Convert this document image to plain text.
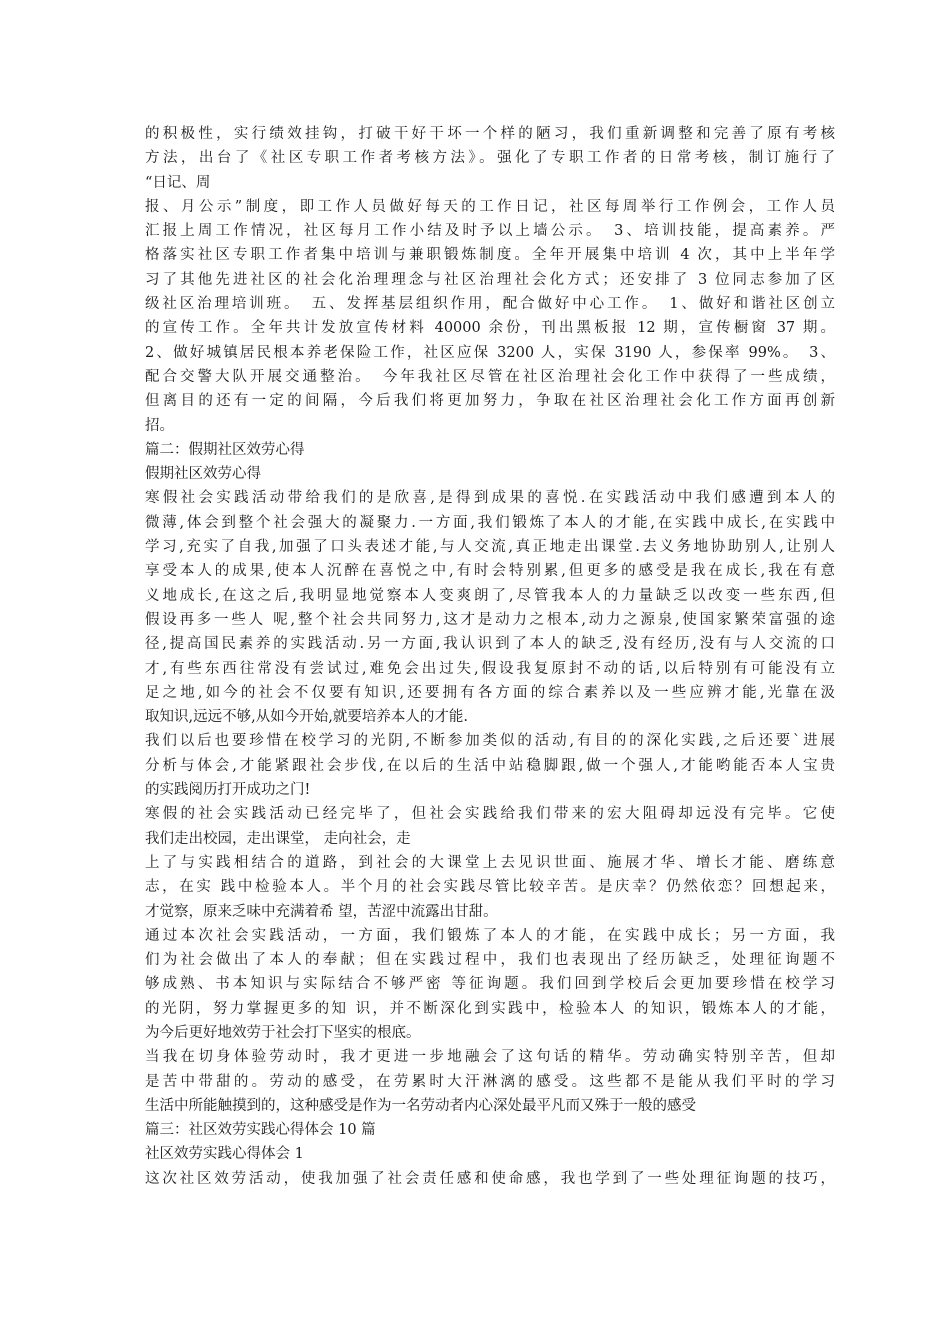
的积极性，实行绩效挂钩，打破干好干坏一个样的陋习，我们重新调整和完善了原有考核
方法，出台了《社区专职工作者考核方法》。强化了专职工作者的日常考核，制订施行了
“日记、周
报、月公示”制度，即工作人员做好每天的工作日记，社区每周举行工作例会，工作人员
汇报上周工作情况，社区每月工作小结及时予以上墙公示。　3、培训技能，提高素养。严
格落实社区专职工作者集中培训与兼职锻炼制度。全年开展集中培训 4 次，其中上半年学
习了其他先进社区的社会化治理理念与社区治理社会化方式；还安排了 3 位同志参加了区
级社区治理培训班。　五、发挥基层组织作用，配合做好中心工作。　1、做好和谐社区创立
的宣传工作。全年共计发放宣传材料 40000 余份，刊出黑板报 12 期，宣传橱窗 37 期。
2、做好城镇居民根本养老保险工作，社区应保 3200 人，实保 3190 人，参保率 99%。　3、
配合交警大队开展交通整治。　今年我社区尽管在社区治理社会化工作中获得了一些成绩，
但离目的还有一定的间隔，今后我们将更加努力，争取在社区治理社会化工作方面再创新
招。
篇二：假期社区效劳心得
假期社区效劳心得
寒假社会实践活动带给我们的是欣喜,是得到成果的喜悦.在实践活动中我们感遭到本人的
微薄,体会到整个社会强大的凝聚力.一方面,我们锻炼了本人的才能,在实践中成长,在实践中
学习,充实了自我,加强了口头表述才能,与人交流,真正地走出课堂.去义务地协助别人,让别人
享受本人的成果,使本人沉醉在喜悦之中,有时会特别累,但更多的感受是我在成长,我在有意
义地成长,在这之后,我明显地觉察本人变爽朗了,尽管我本人的力量缺乏以改变一些东西,但
假设再多一些人 呢,整个社会共同努力,这才是动力之根本,动力之源泉,使国家繁荣富强的途
径,提高国民素养的实践活动.另一方面,我认识到了本人的缺乏,没有经历,没有与人交流的口
才,有些东西往常没有尝试过,难免会出过失,假设我复原封不动的话,以后特别有可能没有立
足之地,如今的社会不仅要有知识,还要拥有各方面的综合素养以及一些应辨才能,光靠在汲
取知识,远远不够,从如今开始,就要培养本人的才能.
我们以后也要珍惜在校学习的光阴,不断参加类似的活动,有目的的深化实践,之后还要`进展
分析与体会,才能紧跟社会步伐,在以后的生活中站稳脚跟,做一个强人,才能哟能否本人宝贵
的实践阅历打开成功之门!
寒假的社会实践活动已经完毕了，但社会实践给我们带来的宏大阻碍却远没有完毕。它使
我们走出校园，走出课堂， 走向社会，走
上了与实践相结合的道路，到社会的大课堂上去见识世面、施展才华、增长才能、磨练意
志，在实 践中检验本人。半个月的社会实践尽管比较辛苦。是庆幸？仍然依恋？回想起来，
才觉察，原来乏味中充满着希 望，苦涩中流露出甘甜。
通过本次社会实践活动，一方面，我们锻炼了本人的才能，在实践中成长；另一方面，我
们为社会做出了本人的奉献；但在实践过程中，我们也表现出了经历缺乏，处理征询题不
够成熟、书本知识与实际结合不够严密 等征询题。我们回到学校后会更加要珍惜在校学习
的光阴，努力掌握更多的知 识，并不断深化到实践中，检验本人 的知识，锻炼本人的才能，
为今后更好地效劳于社会打下坚实的根底。
当我在切身体验劳动时，我才更进一步地融会了这句话的精华。劳动确实特别辛苦，但却
是苦中带甜的。劳动的感受，在劳累时大汗淋漓的感受。这些都不是能从我们平时的学习
生活中所能触摸到的，这种感受是作为一名劳动者内心深处最平凡而又殊于一般的感受
篇三：社区效劳实践心得体会 10 篇
社区效劳实践心得体会 1
这次社区效劳活动，使我加强了社会责任感和使命感，我也学到了一些处理征询题的技巧，
